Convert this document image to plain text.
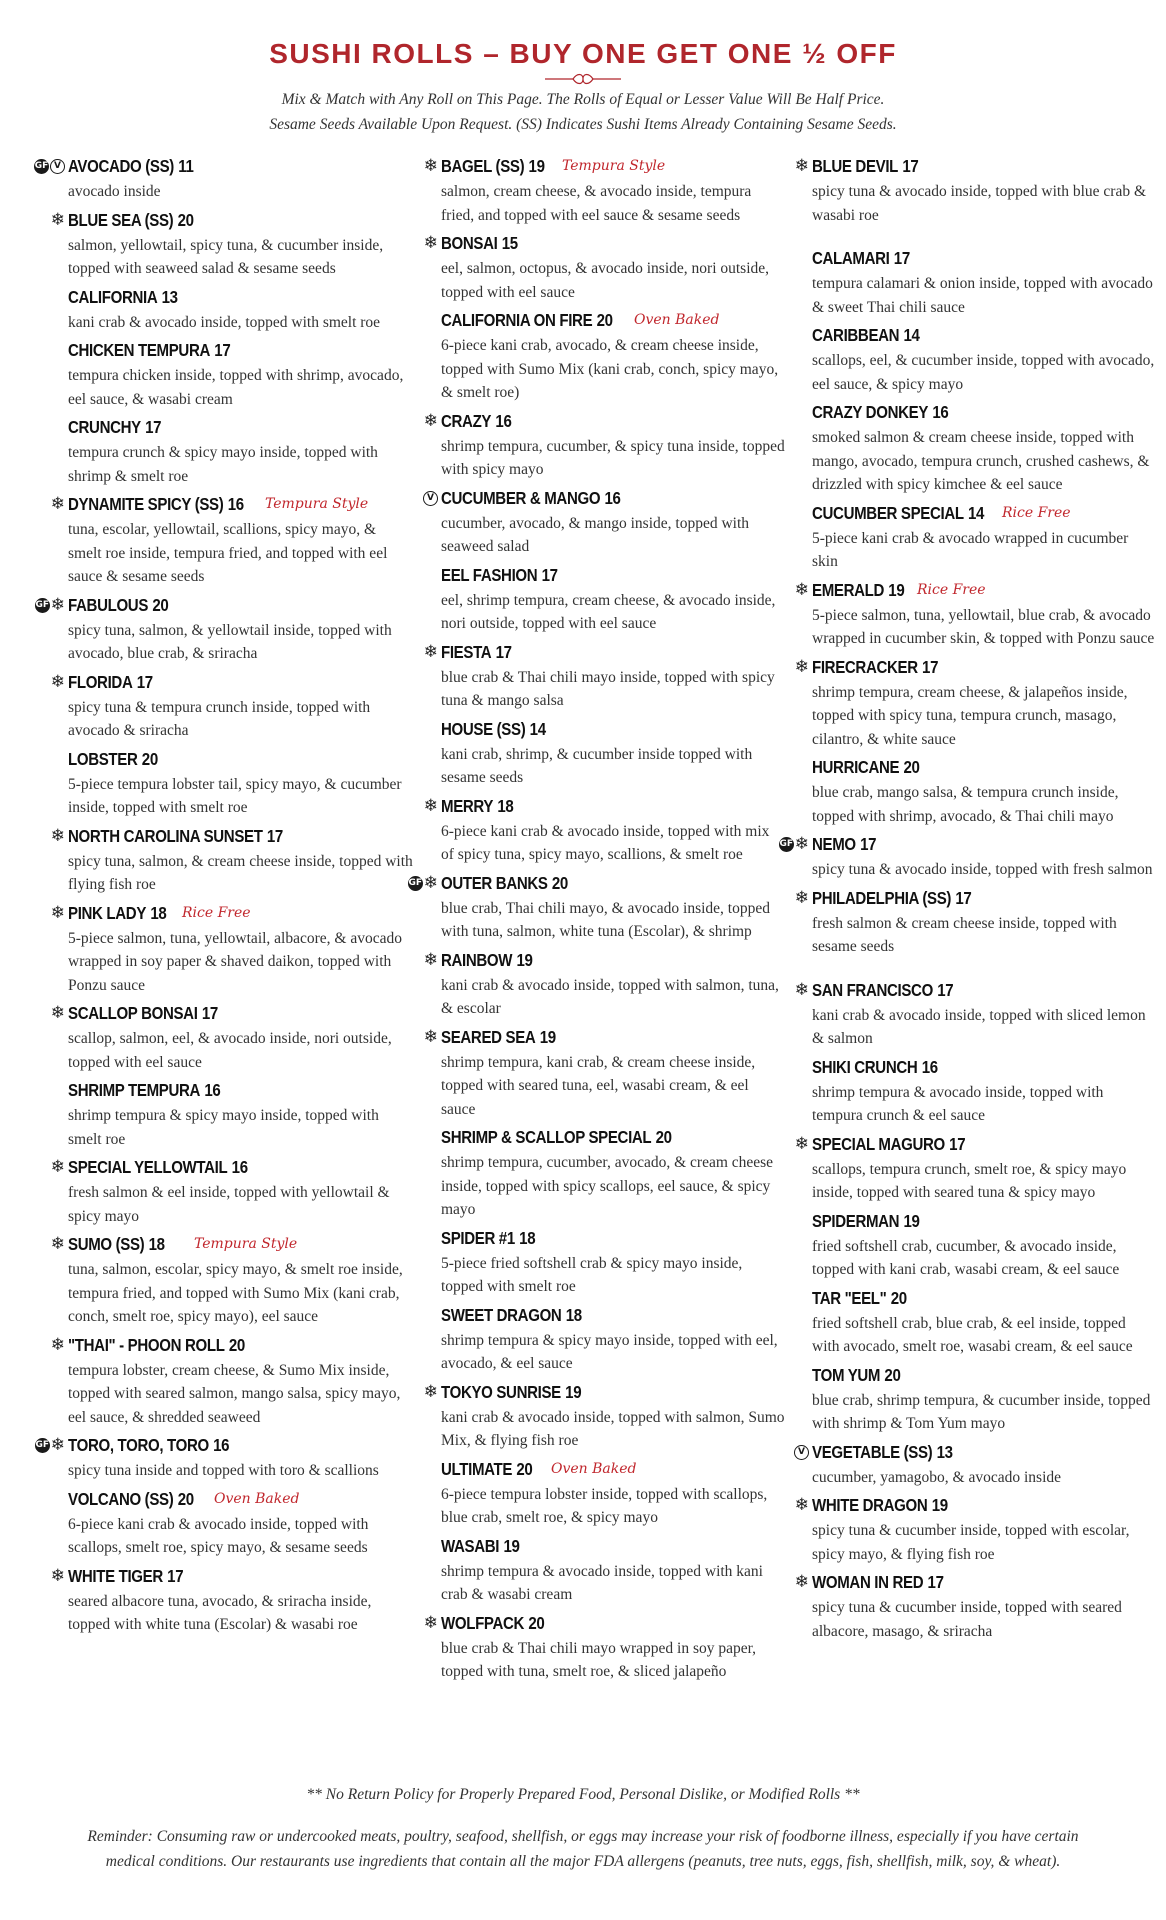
SUSHI ROLLS – BUY ONE GET ONE ½ OFF
Mix & Match with Any Roll on This Page. The Rolls of Equal or Lesser Value Will Be Half Price.
Sesame Seeds Available Upon Request. (SS) Indicates Sushi Items Already Containing Sesame Seeds.
GF V AVOCADO (SS) 11
avocado inside
❄ BLUE SEA (SS) 20
salmon, yellowtail, spicy tuna, & cucumber inside, topped with seaweed salad & sesame seeds
CALIFORNIA 13
kani crab & avocado inside, topped with smelt roe
CHICKEN TEMPURA 17
tempura chicken inside, topped with shrimp, avocado, eel sauce, & wasabi cream
CRUNCHY 17
tempura crunch & spicy mayo inside, topped with shrimp & smelt roe
❄ DYNAMITE SPICY (SS) 16 Tempura Style
tuna, escolar, yellowtail, scallions, spicy mayo, & smelt roe inside, tempura fried, and topped with eel sauce & sesame seeds
GF ❄ FABULOUS 20
spicy tuna, salmon, & yellowtail inside, topped with avocado, blue crab, & sriracha
❄ FLORIDA 17
spicy tuna & tempura crunch inside, topped with avocado & sriracha
LOBSTER 20
5-piece tempura lobster tail, spicy mayo, & cucumber inside, topped with smelt roe
❄ NORTH CAROLINA SUNSET 17
spicy tuna, salmon, & cream cheese inside, topped with flying fish roe
❄ PINK LADY 18 Rice Free
5-piece salmon, tuna, yellowtail, albacore, & avocado wrapped in soy paper & shaved daikon, topped with Ponzu sauce
❄ SCALLOP BONSAI 17
scallop, salmon, eel, & avocado inside, nori outside, topped with eel sauce
SHRIMP TEMPURA 16
shrimp tempura & spicy mayo inside, topped with smelt roe
❄ SPECIAL YELLOWTAIL 16
fresh salmon & eel inside, topped with yellowtail & spicy mayo
❄ SUMO (SS) 18 Tempura Style
tuna, salmon, escolar, spicy mayo, & smelt roe inside, tempura fried, and topped with Sumo Mix (kani crab, conch, smelt roe, spicy mayo), eel sauce
❄ "THAI" - PHOON ROLL 20
tempura lobster, cream cheese, & Sumo Mix inside, topped with seared salmon, mango salsa, spicy mayo, eel sauce, & shredded seaweed
GF ❄ TORO, TORO, TORO 16
spicy tuna inside and topped with toro & scallions
VOLCANO (SS) 20 Oven Baked
6-piece kani crab & avocado inside, topped with scallops, smelt roe, spicy mayo, & sesame seeds
❄ WHITE TIGER 17
seared albacore tuna, avocado, & sriracha inside, topped with white tuna (Escolar) & wasabi roe
❄ BAGEL (SS) 19 Tempura Style
salmon, cream cheese, & avocado inside, tempura fried, and topped with eel sauce & sesame seeds
❄ BONSAI 15
eel, salmon, octopus, & avocado inside, nori outside, topped with eel sauce
CALIFORNIA ON FIRE 20 Oven Baked
6-piece kani crab, avocado, & cream cheese inside, topped with Sumo Mix (kani crab, conch, spicy mayo, & smelt roe)
❄ CRAZY 16
shrimp tempura, cucumber, & spicy tuna inside, topped with spicy mayo
V CUCUMBER & MANGO 16
cucumber, avocado, & mango inside, topped with seaweed salad
EEL FASHION 17
eel, shrimp tempura, cream cheese, & avocado inside, nori outside, topped with eel sauce
❄ FIESTA 17
blue crab & Thai chili mayo inside, topped with spicy tuna & mango salsa
HOUSE (SS) 14
kani crab, shrimp, & cucumber inside topped with sesame seeds
❄ MERRY 18
6-piece kani crab & avocado inside, topped with mix of spicy tuna, spicy mayo, scallions, & smelt roe
GF ❄ OUTER BANKS 20
blue crab, Thai chili mayo, & avocado inside, topped with tuna, salmon, white tuna (Escolar), & shrimp
❄ RAINBOW 19
kani crab & avocado inside, topped with salmon, tuna, & escolar
❄ SEARED SEA 19
shrimp tempura, kani crab, & cream cheese inside, topped with seared tuna, eel, wasabi cream, & eel sauce
SHRIMP & SCALLOP SPECIAL 20
shrimp tempura, cucumber, avocado, & cream cheese inside, topped with spicy scallops, eel sauce, & spicy mayo
SPIDER #1 18
5-piece fried softshell crab & spicy mayo inside, topped with smelt roe
SWEET DRAGON 18
shrimp tempura & spicy mayo inside, topped with eel, avocado, & eel sauce
❄ TOKYO SUNRISE 19
kani crab & avocado inside, topped with salmon, Sumo Mix, & flying fish roe
ULTIMATE 20 Oven Baked
6-piece tempura lobster inside, topped with scallops, blue crab, smelt roe, & spicy mayo
WASABI 19
shrimp tempura & avocado inside, topped with kani crab & wasabi cream
❄ WOLFPACK 20
blue crab & Thai chili mayo wrapped in soy paper, topped with tuna, smelt roe, & sliced jalapeño
❄ BLUE DEVIL 17
spicy tuna & avocado inside, topped with blue crab & wasabi roe
CALAMARI 17
tempura calamari & onion inside, topped with avocado & sweet Thai chili sauce
CARIBBEAN 14
scallops, eel, & cucumber inside, topped with avocado, eel sauce, & spicy mayo
CRAZY DONKEY 16
smoked salmon & cream cheese inside, topped with mango, avocado, tempura crunch, crushed cashews, & drizzled with spicy kimchee & eel sauce
CUCUMBER SPECIAL 14 Rice Free
5-piece kani crab & avocado wrapped in cucumber skin
❄ EMERALD 19 Rice Free
5-piece salmon, tuna, yellowtail, blue crab, & avocado wrapped in cucumber skin, & topped with Ponzu sauce
❄ FIRECRACKER 17
shrimp tempura, cream cheese, & jalapeños inside, topped with spicy tuna, tempura crunch, masago, cilantro, & white sauce
HURRICANE 20
blue crab, mango salsa, & tempura crunch inside, topped with shrimp, avocado, & Thai chili mayo
GF ❄ NEMO 17
spicy tuna & avocado inside, topped with fresh salmon
❄ PHILADELPHIA (SS) 17
fresh salmon & cream cheese inside, topped with sesame seeds
❄ SAN FRANCISCO 17
kani crab & avocado inside, topped with sliced lemon & salmon
SHIKI CRUNCH 16
shrimp tempura & avocado inside, topped with tempura crunch & eel sauce
❄ SPECIAL MAGURO 17
scallops, tempura crunch, smelt roe, & spicy mayo inside, topped with seared tuna & spicy mayo
SPIDERMAN 19
fried softshell crab, cucumber, & avocado inside, topped with kani crab, wasabi cream, & eel sauce
TAR "EEL" 20
fried softshell crab, blue crab, & eel inside, topped with avocado, smelt roe, wasabi cream, & eel sauce
TOM YUM 20
blue crab, shrimp tempura, & cucumber inside, topped with shrimp & Tom Yum mayo
V VEGETABLE (SS) 13
cucumber, yamagobo, & avocado inside
❄ WHITE DRAGON 19
spicy tuna & cucumber inside, topped with escolar, spicy mayo, & flying fish roe
❄ WOMAN IN RED 17
spicy tuna & cucumber inside, topped with seared albacore, masago, & sriracha
** No Return Policy for Properly Prepared Food, Personal Dislike, or Modified Rolls **
Reminder: Consuming raw or undercooked meats, poultry, seafood, shellfish, or eggs may increase your risk of foodborne illness, especially if you have certain medical conditions. Our restaurants use ingredients that contain all the major FDA allergens (peanuts, tree nuts, eggs, fish, shellfish, milk, soy, & wheat).
